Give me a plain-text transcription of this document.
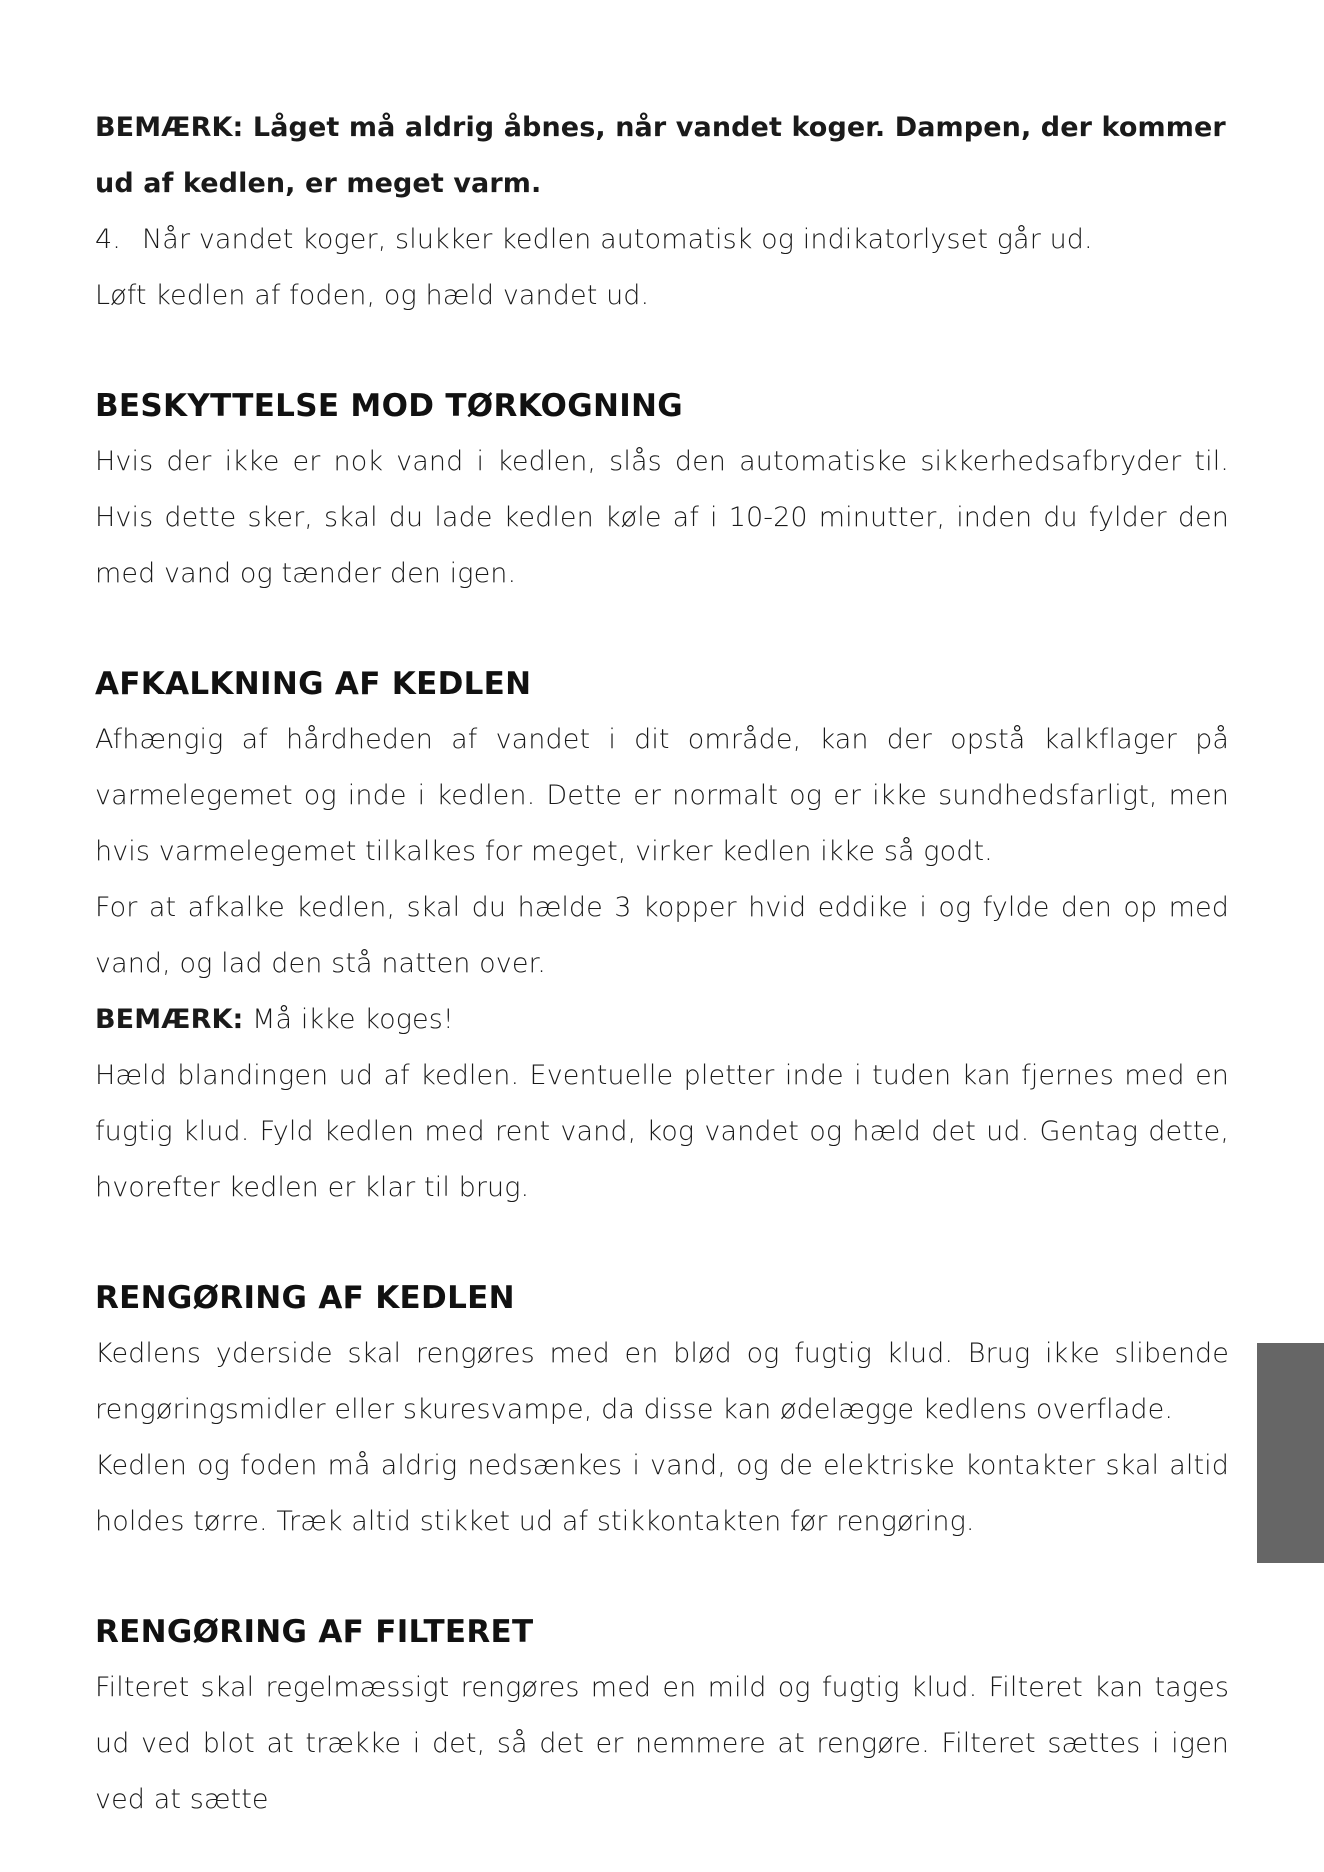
BEMÆRK: Låget må aldrig åbnes, når vandet koger. Dampen, der kommer ud af kedlen, er meget varm.

4. Når vandet koger, slukker kedlen automatisk og indikatorlyset går ud.

Løft kedlen af foden, og hæld vandet ud.

BESKYTTELSE MOD TØRKOGNING

Hvis der ikke er nok vand i kedlen, slås den automatiske sikkerhedsafbryder til. Hvis dette sker, skal du lade kedlen køle af i 10-20 minutter, inden du fylder den med vand og tænder den igen.

AFKALKNING AF KEDLEN

Afhængig af hårdheden af vandet i dit område, kan der opstå kalkflager på varmelegemet og inde i kedlen. Dette er normalt og er ikke sundhedsfarligt, men hvis varmelegemet tilkalkes for meget, virker kedlen ikke så godt.

For at afkalke kedlen, skal du hælde 3 kopper hvid eddike i og fylde den op med vand, og lad den stå natten over.

BEMÆRK: Må ikke koges!

Hæld blandingen ud af kedlen. Eventuelle pletter inde i tuden kan fjernes med en fugtig klud. Fyld kedlen med rent vand, kog vandet og hæld det ud. Gentag dette, hvorefter kedlen er klar til brug.

RENGØRING AF KEDLEN

Kedlens yderside skal rengøres med en blød og fugtig klud. Brug ikke slibende rengøringsmidler eller skuresvampe, da disse kan ødelægge kedlens overflade.

Kedlen og foden må aldrig nedsænkes i vand, og de elektriske kontakter skal altid holdes tørre. Træk altid stikket ud af stikkontakten før rengøring.

RENGØRING AF FILTERET

Filteret skal regelmæssigt rengøres med en mild og fugtig klud. Filteret kan tages ud ved blot at trække i det, så det er nemmere at rengøre. Filteret sættes i igen ved at sætte
